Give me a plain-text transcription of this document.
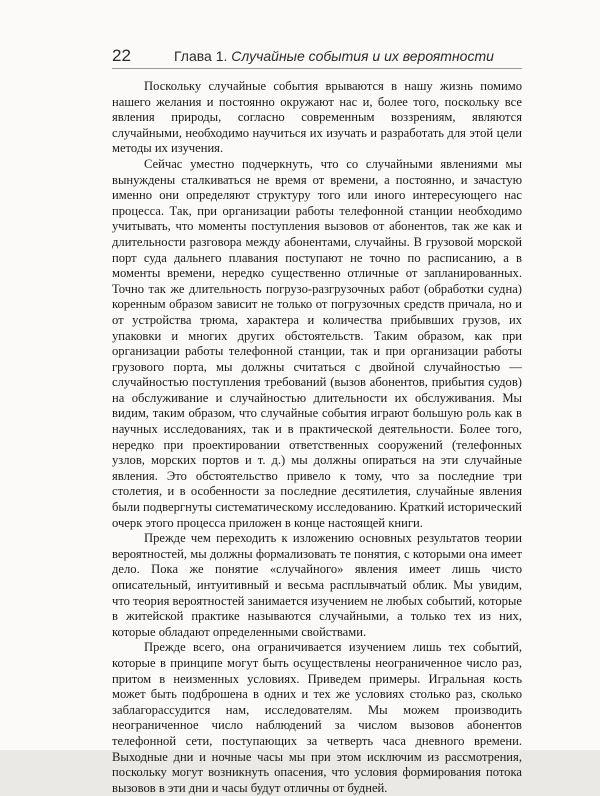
22	Глава 1. Случайные события и их вероятности

Поскольку случайные события врываются в нашу жизнь помимо нашего желания и постоянно окружают нас и, более того, поскольку все явления природы, согласно современным воззрениям, являются случайными, необходимо научиться их изучать и разработать для этой цели методы их изучения.

Сейчас уместно подчеркнуть, что со случайными явлениями мы вынуждены сталкиваться не время от времени, а постоянно, и зачастую именно они определяют структуру того или иного интересующего нас процесса. Так, при организации работы телефонной станции необходимо учитывать, что моменты поступления вызовов от абонентов, так же как и длительности разговора между абонентами, случайны. В грузовой морской порт суда дальнего плавания поступают не точно по расписанию, а в моменты времени, нередко существенно отличные от запланированных. Точно так же длительность погрузо-разгрузочных работ (обработки судна) коренным образом зависит не только от погрузочных средств причала, но и от устройства трюма, характера и количества прибывших грузов, их упаковки и многих других обстоятельств. Таким образом, как при организации работы телефонной станции, так и при организации работы грузового порта, мы должны считаться с двойной случайностью — случайностью поступления требований (вызов абонентов, прибытия судов) на обслуживание и случайностью длительности их обслуживания. Мы видим, таким образом, что случайные события играют большую роль как в научных исследованиях, так и в практической деятельности. Более того, нередко при проектировании ответственных сооружений (телефонных узлов, морских портов и т. д.) мы должны опираться на эти случайные явления. Это обстоятельство привело к тому, что за последние три столетия, и в особенности за последние десятилетия, случайные явления были подвергнуты систематическому исследованию. Краткий исторический очерк этого процесса приложен в конце настоящей книги.

Прежде чем переходить к изложению основных результатов теории вероятностей, мы должны формализовать те понятия, с которыми она имеет дело. Пока же понятие «случайного» явления имеет лишь чисто описательный, интуитивный и весьма расплывчатый облик. Мы увидим, что теория вероятностей занимается изучением не любых событий, которые в житейской практике называются случайными, а только тех из них, которые обладают определенными свойствами.

Прежде всего, она ограничивается изучением лишь тех событий, которые в принципе могут быть осуществлены неограниченное число раз, притом в неизменных условиях. Приведем примеры. Игральная кость может быть подброшена в одних и тех же условиях столько раз, сколько заблагорассудится нам, исследователям. Мы можем производить неограниченное число наблюдений за числом вызовов абонентов телефонной сети, поступающих за четверть часа дневного времени. Выходные дни и ночные часы мы при этом исключим из рассмотрения, поскольку могут возникнуть опасения, что условия формирования потока вызовов в эти дни и часы будут отличны от будней.
